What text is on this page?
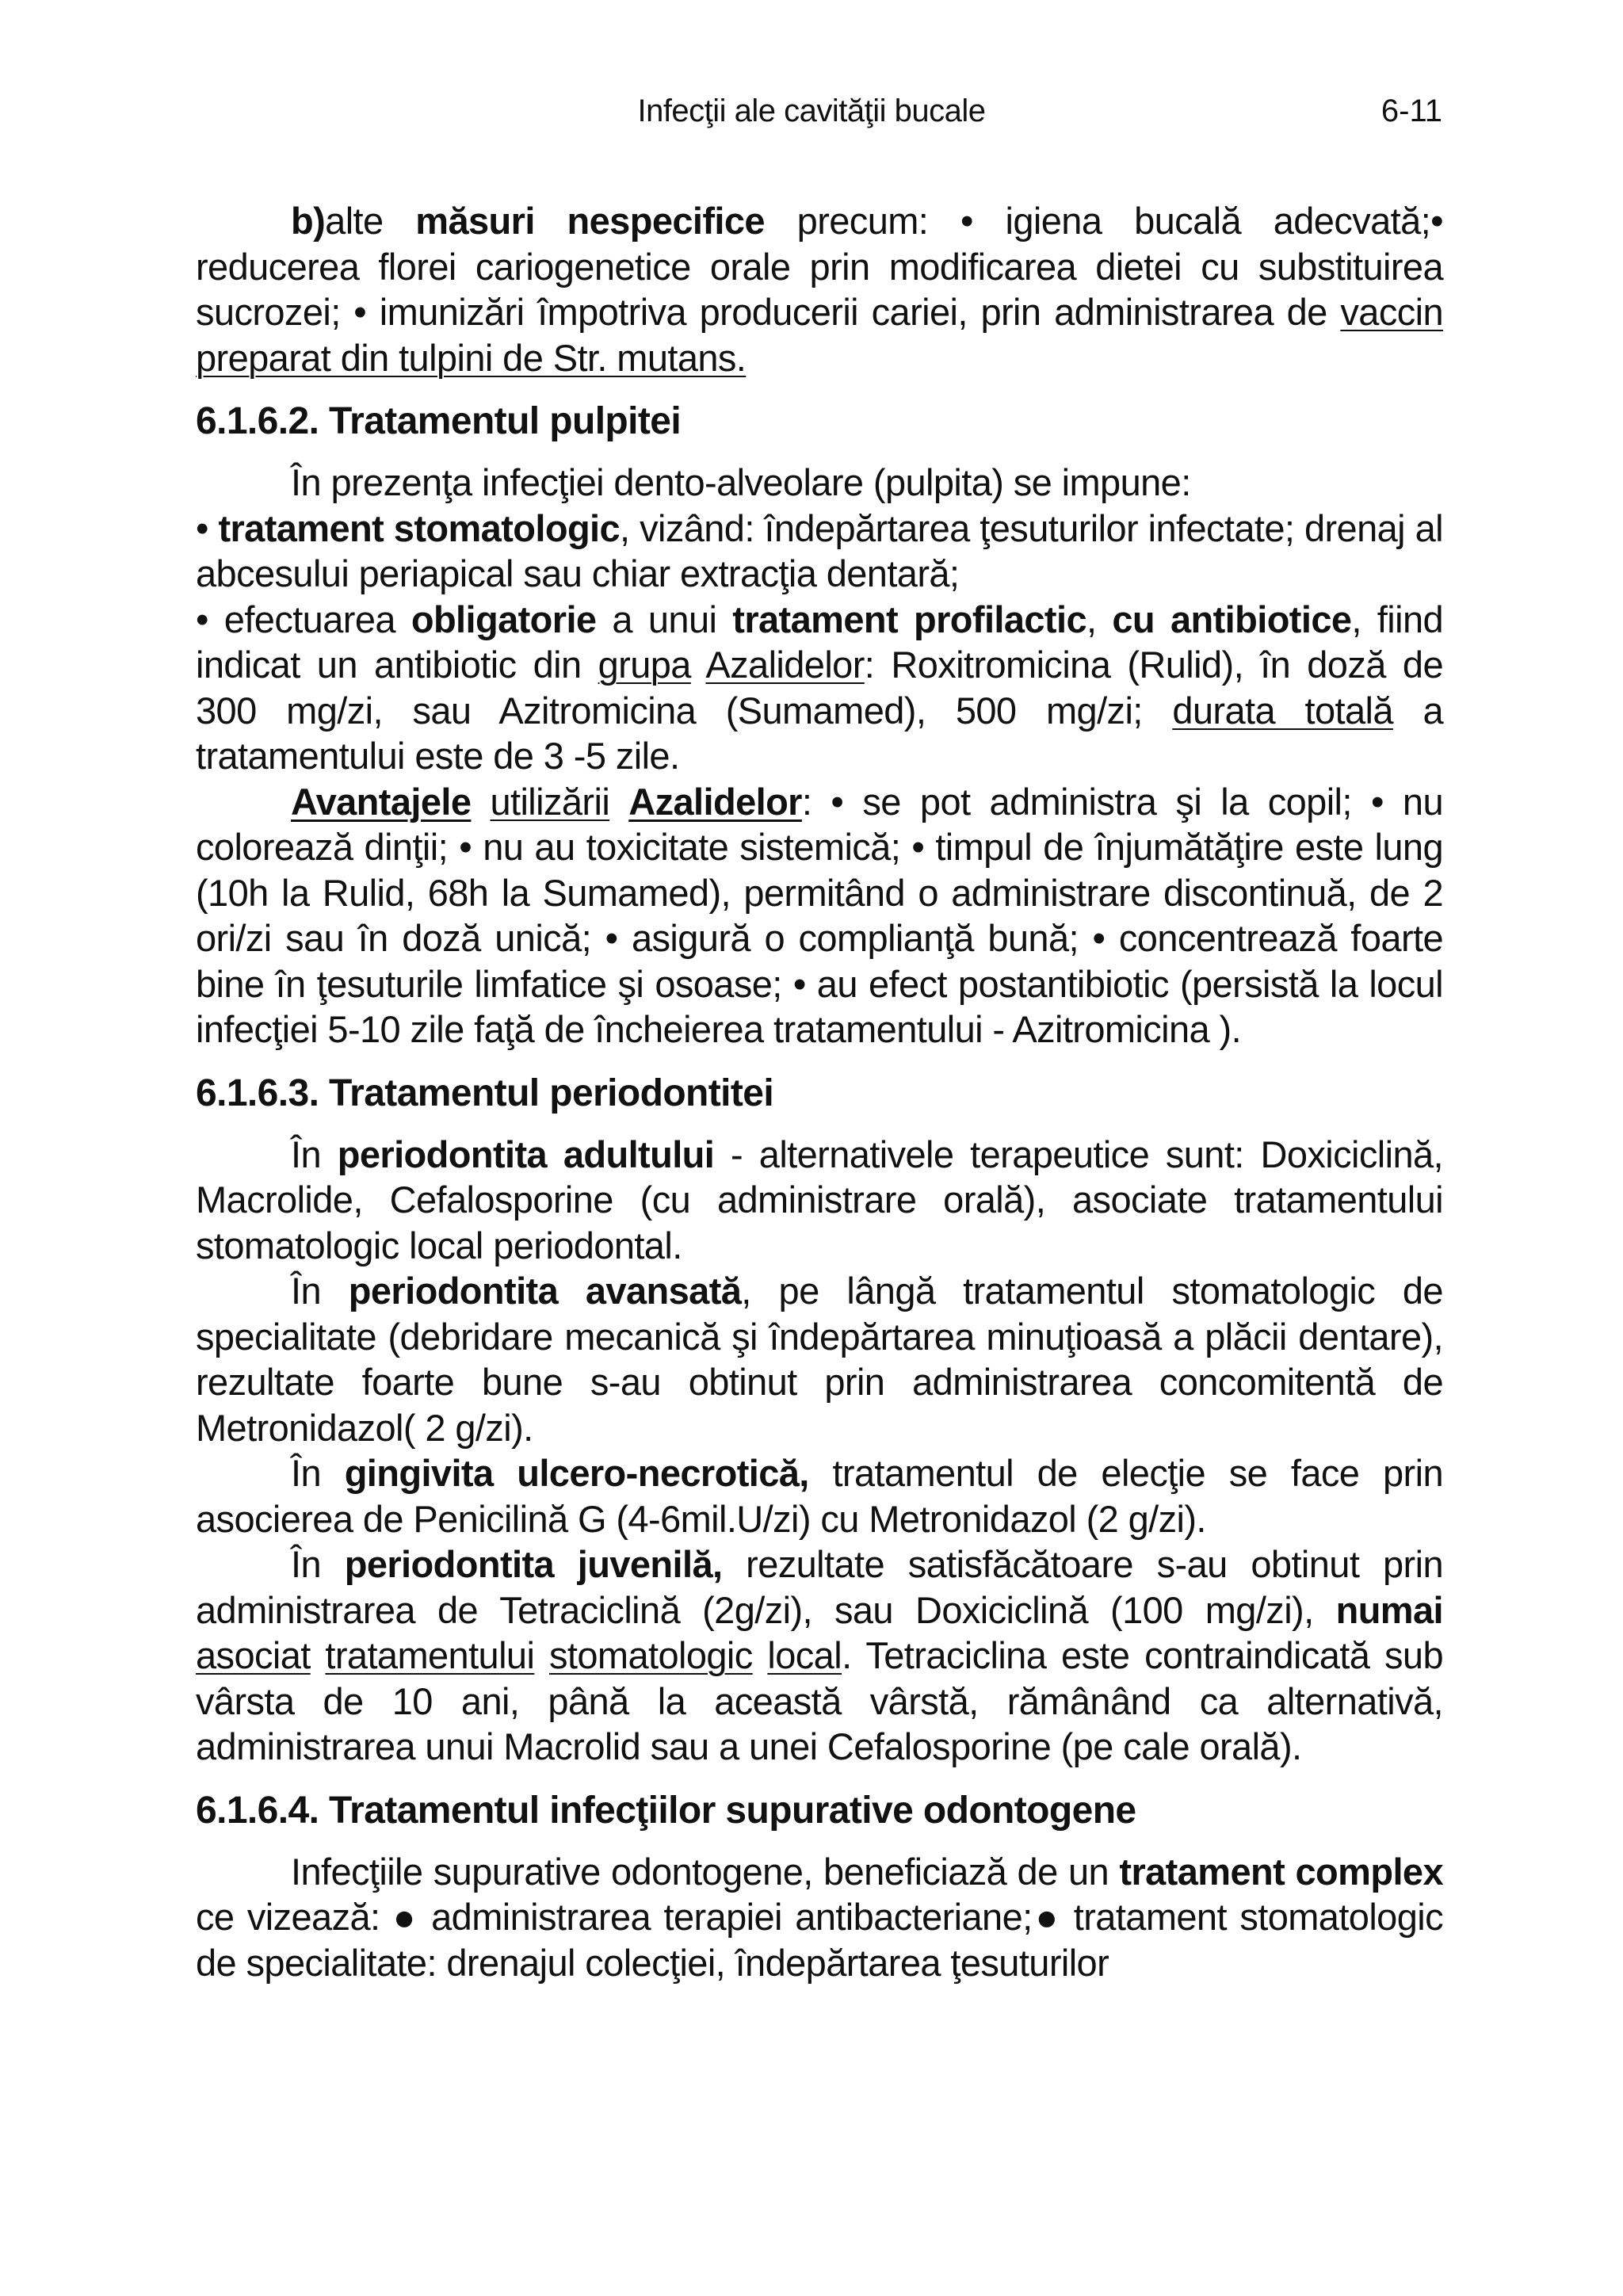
Infecţii ale cavităţii bucale	6-11

b)alte măsuri nespecifice precum: • igiena bucală adecvată;• reducerea florei cariogenetice orale prin modificarea dietei cu substituirea sucrozei; • imunizări împotriva producerii cariei, prin administrarea de vaccin preparat din tulpini de Str. mutans.

6.1.6.2. Tratamentul pulpitei

În prezenţa infecţiei dento-alveolare (pulpita) se impune:

• tratament stomatologic, vizând: îndepărtarea ţesuturilor infectate; drenaj al abcesului periapical sau chiar extracţia dentară;

• efectuarea obligatorie a unui tratament profilactic, cu antibiotice, fiind indicat un antibiotic din grupa Azalidelor: Roxitromicina (Rulid), în doză de 300 mg/zi, sau Azitromicina (Sumamed), 500 mg/zi; durata totală a tratamentului este de 3 -5 zile.

Avantajele utilizării Azalidelor: • se pot administra şi la copil; • nu colorează dinţii; • nu au toxicitate sistemică; • timpul de înjumătăţire este lung (10h la Rulid, 68h la Sumamed), permitând o administrare discontinuă, de 2 ori/zi sau în doză unică; • asigură o complianţă bună; • concentrează foarte bine în ţesuturile limfatice şi osoase; • au efect postantibiotic (persistă la locul infecţiei 5-10 zile faţă de încheierea tratamentului - Azitromicina ).

6.1.6.3. Tratamentul periodontitei

În periodontita adultului - alternativele terapeutice sunt: Doxiciclină, Macrolide, Cefalosporine (cu administrare orală), asociate tratamentului stomatologic local periodontal.

În periodontita avansată, pe lângă tratamentul stomatologic de specialitate (debridare mecanică şi îndepărtarea minuţioasă a plăcii dentare), rezultate foarte bune s-au obtinut prin administrarea concomitentă de Metronidazol( 2 g/zi).

În gingivita ulcero-necrotică, tratamentul de elecţie se face prin asocierea de Penicilină G (4-6mil.U/zi) cu Metronidazol (2 g/zi).

În periodontita juvenilă, rezultate satisfăcătoare s-au obtinut prin administrarea de Tetraciclină (2g/zi), sau Doxiciclină (100 mg/zi), numai asociat tratamentului stomatologic local. Tetraciclina este contraindicată sub vârsta de 10 ani, până la această vârstă, rămânând ca alternativă, administrarea unui Macrolid sau a unei Cefalosporine (pe cale orală).

6.1.6.4. Tratamentul infecţiilor supurative odontogene

Infecţiile supurative odontogene, beneficiază de un tratament complex ce vizează: ● administrarea terapiei antibacteriane;● tratament stomatologic de specialitate: drenajul colecţiei, îndepărtarea ţesuturilor
